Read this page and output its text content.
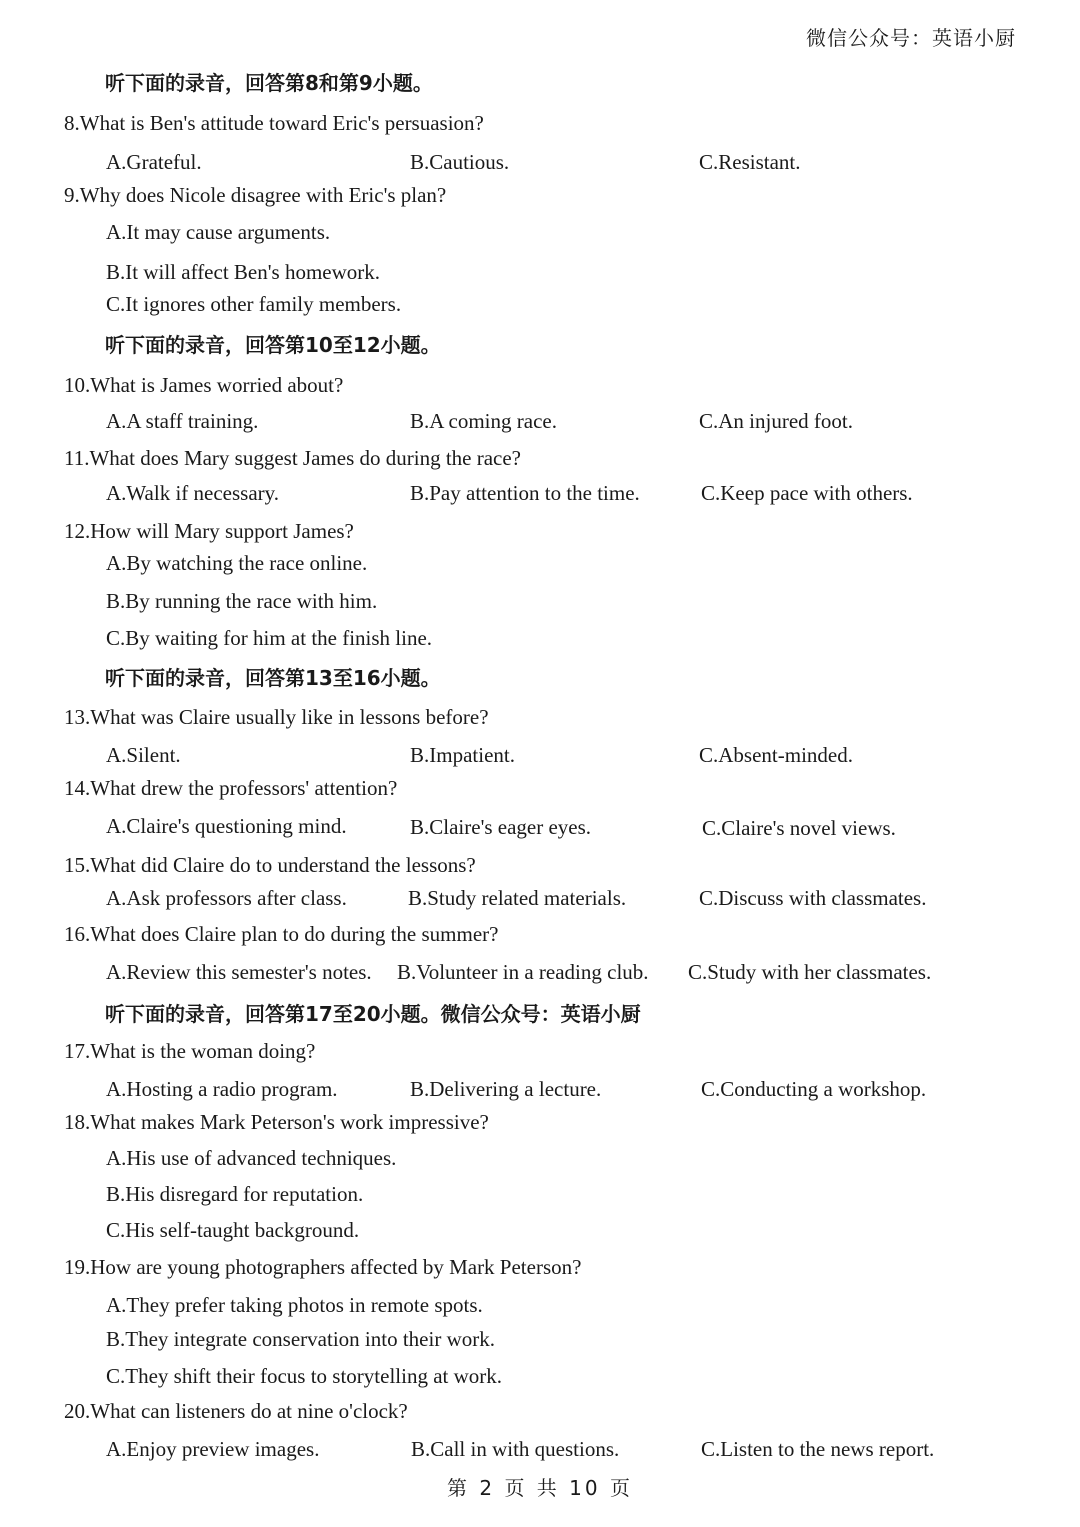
微信公众号：英语小厨
听下面的录音，回答第8和第9小题。
8.What is Ben's attitude toward Eric's persuasion?
A.Grateful.	B.Cautious.	C.Resistant.
9.Why does Nicole disagree with Eric's plan?
A.It may cause arguments.
B.It will affect Ben's homework.
C.It ignores other family members.
听下面的录音，回答第10至12小题。
10.What is James worried about?
A.A staff training.	B.A coming race.	C.An injured foot.
11.What does Mary suggest James do during the race?
A.Walk if necessary.	B.Pay attention to the time.	C.Keep pace with others.
12.How will Mary support James?
A.By watching the race online.
B.By running the race with him.
C.By waiting for him at the finish line.
听下面的录音，回答第13至16小题。
13.What was Claire usually like in lessons before?
A.Silent.	B.Impatient.	C.Absent-minded.
14.What drew the professors' attention?
A.Claire's questioning mind.	B.Claire's eager eyes.	C.Claire's novel views.
15.What did Claire do to understand the lessons?
A.Ask professors after class.	B.Study related materials.	C.Discuss with classmates.
16.What does Claire plan to do during the summer?
A.Review this semester's notes. B.Volunteer in a reading club. C.Study with her classmates.
听下面的录音，回答第17至20小题。微信公众号：英语小厨
17.What is the woman doing?
A.Hosting a radio program.	B.Delivering a lecture.	C.Conducting a workshop.
18.What makes Mark Peterson's work impressive?
A.His use of advanced techniques.
B.His disregard for reputation.
C.His self-taught background.
19.How are young photographers affected by Mark Peterson?
A.They prefer taking photos in remote spots.
B.They integrate conservation into their work.
C.They shift their focus to storytelling at work.
20.What can listeners do at nine o'clock?
A.Enjoy preview images.	B.Call in with questions.	C.Listen to the news report.
第 2 页 共 10 页
